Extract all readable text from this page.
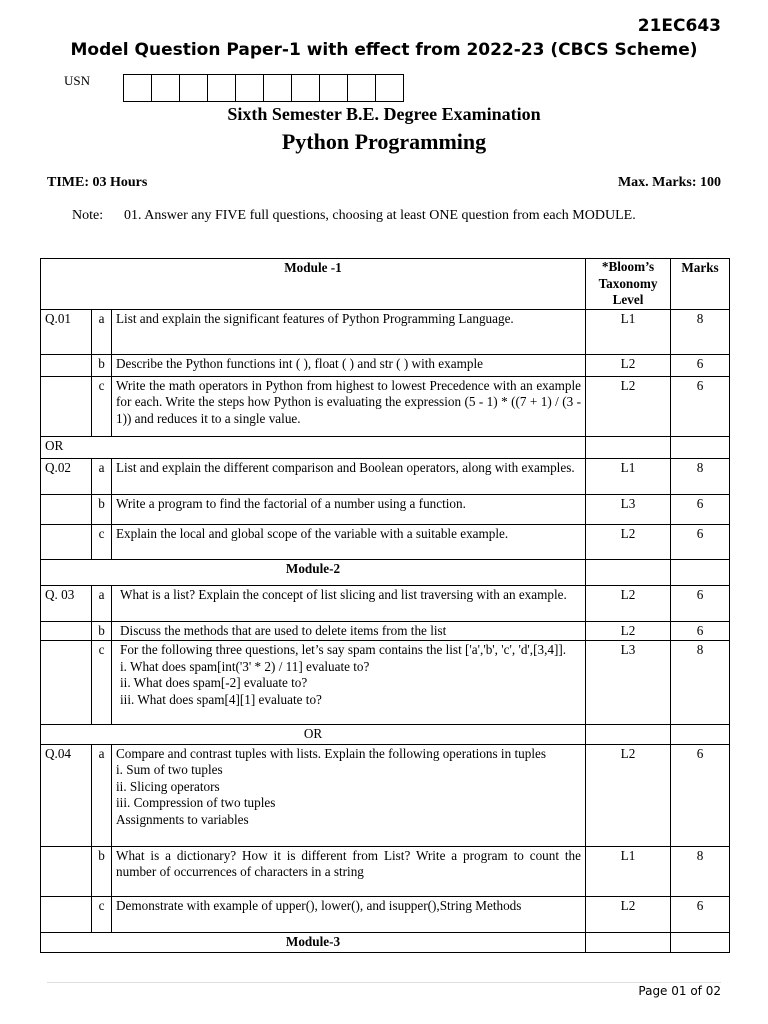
21EC643
Model Question Paper-1 with effect from 2022-23 (CBCS Scheme)
USN
Sixth Semester B.E. Degree Examination
Python Programming
TIME: 03 Hours	Max. Marks: 100
Note: 01. Answer any FIVE full questions, choosing at least ONE question from each MODULE.
Module -1			*Bloom’s Taxonomy Level	Marks
Q.01	a	List and explain the significant features of Python Programming Language.	L1	8
	b	Describe the Python functions int ( ), float ( ) and str ( ) with example	L2	6
	c	Write the math operators in Python from highest to lowest Precedence with an example for each. Write the steps how Python is evaluating the expression (5 - 1) * ((7 + 1) / (3 - 1)) and reduces it to a single value.	L2	6
OR				
Q.02	a	List and explain the different comparison and Boolean operators, along with examples.	L1	8
	b	Write a program to find the factorial of a number using a function.	L3	6
	c	Explain the local and global scope of the variable with a suitable example.	L2	6
Module-2				
Q. 03	a	What is a list? Explain the concept of list slicing and list traversing with an example.	L2	6
	b	Discuss the methods that are used to delete items from the list	L2	6
	c	For the following three questions, let’s say spam contains the list ['a','b', 'c', 'd',[3,4]].
i. What does spam[int('3' * 2) / 11] evaluate to?
ii. What does spam[-2] evaluate to?
iii. What does spam[4][1] evaluate to?	L3	8
OR				
Q.04	a	Compare and contrast tuples with lists. Explain the following operations in tuples
i. Sum of two tuples
ii. Slicing operators
iii. Compression of two tuples
Assignments to variables	L2	6
	b	What is a dictionary? How it is different from List? Write a program to count the number of occurrences of characters in a string	L1	8
	c	Demonstrate with example of upper(), lower(), and isupper(),String Methods	L2	6
Module-3				
Page 01 of 02
